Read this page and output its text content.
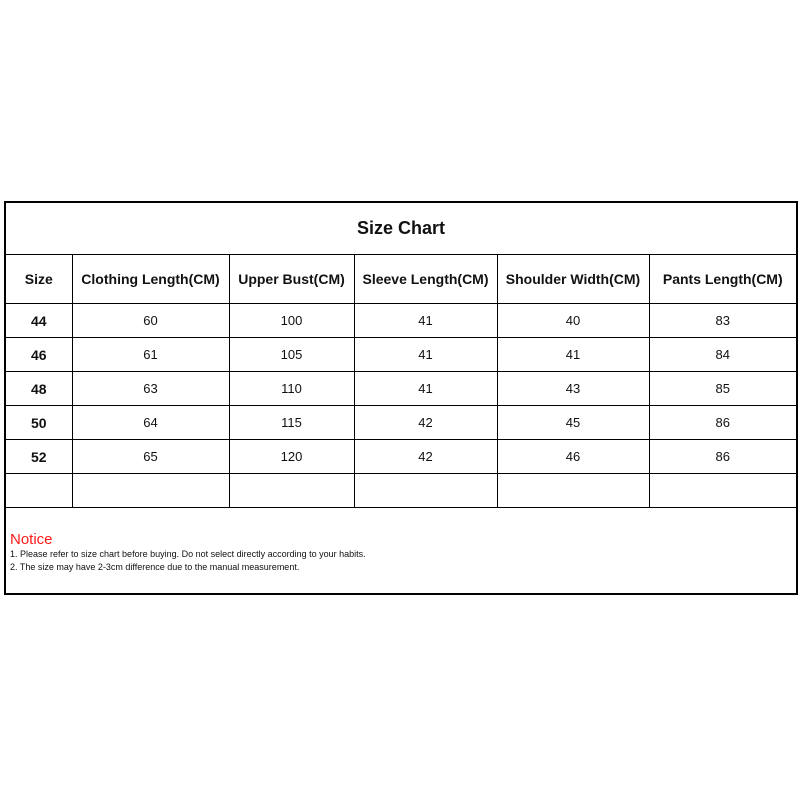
Size Chart
Size	Clothing Length(CM)	Upper Bust(CM)	Sleeve Length(CM)	Shoulder Width(CM)	Pants Length(CM)
44	60	100	41	40	83
46	61	105	41	41	84
48	63	110	41	43	85
50	64	115	42	45	86
52	65	120	42	46	86

Notice
1. Please refer to size chart before buying. Do not select directly according to your habits.
2. The size may have 2-3cm difference due to the manual measurement.
